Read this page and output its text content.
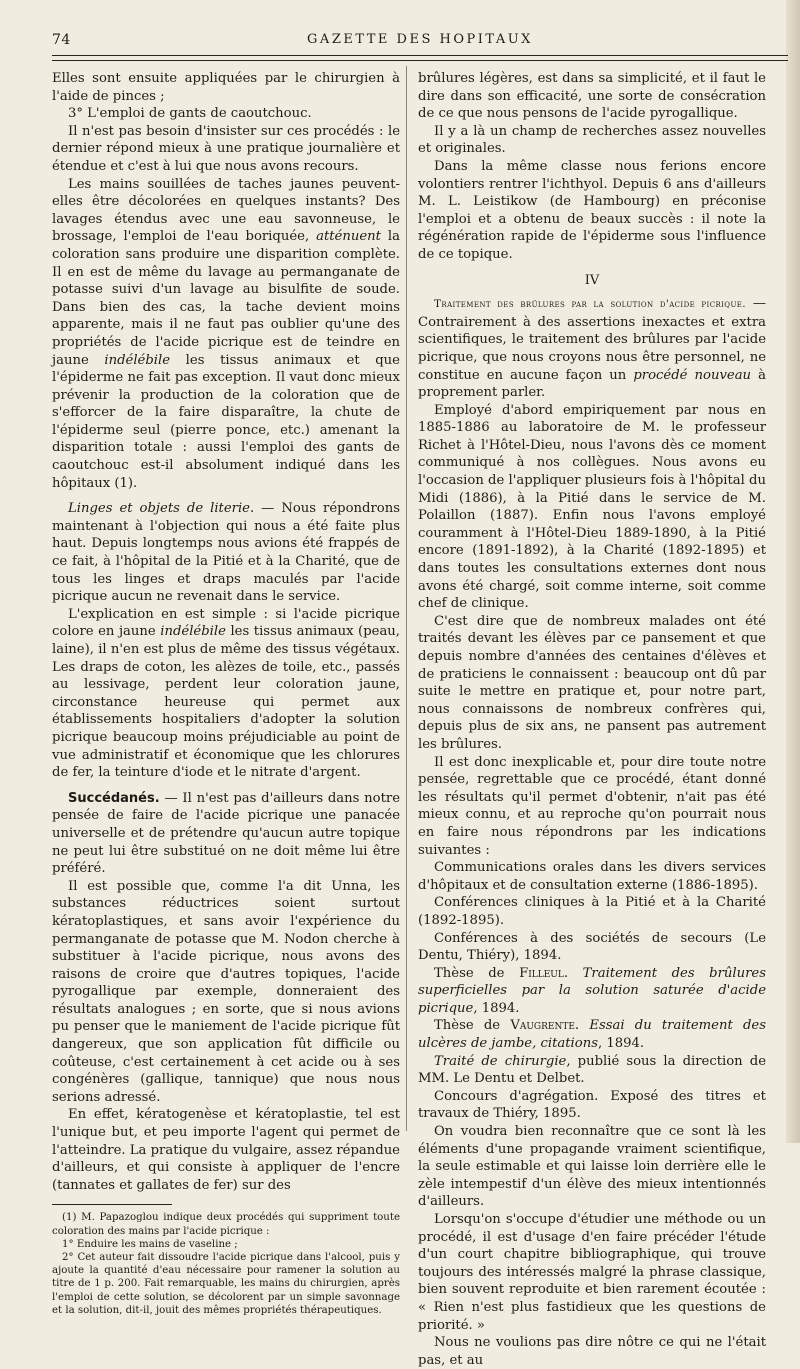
74	GAZETTE DES HOPITAUX

Elles sont ensuite appliquées par le chirurgien à l'aide de pinces ;

3° L'emploi de gants de caoutchouc.

Il n'est pas besoin d'insister sur ces procédés : le dernier répond mieux à une pratique journalière et étendue et c'est à lui que nous avons recours.

Les mains souillées de taches jaunes peuvent-elles être décolorées en quelques instants? Des lavages étendus avec une eau savonneuse, le brossage, l'emploi de l'eau boriquée, atténuent la coloration sans produire une disparition complète. Il en est de même du lavage au permanganate de potasse suivi d'un lavage au bisulfite de soude. Dans bien des cas, la tache devient moins apparente, mais il ne faut pas oublier qu'une des propriétés de l'acide picrique est de teindre en jaune indélébile les tissus animaux et que l'épiderme ne fait pas exception. Il vaut donc mieux prévenir la production de la coloration que de s'efforcer de la faire disparaître, la chute de l'épiderme seul (pierre ponce, etc.) amenant la disparition totale : aussi l'emploi des gants de caoutchouc est-il absolument indiqué dans les hôpitaux (1).

Linges et objets de literie. — Nous répondrons maintenant à l'objection qui nous a été faite plus haut. Depuis longtemps nous avions été frappés de ce fait, à l'hôpital de la Pitié et à la Charité, que de tous les linges et draps maculés par l'acide picrique aucun ne revenait dans le service.

L'explication en est simple : si l'acide picrique colore en jaune indélébile les tissus animaux (peau, laine), il n'en est plus de même des tissus végétaux. Les draps de coton, les alèzes de toile, etc., passés au lessivage, perdent leur coloration jaune, circonstance heureuse qui permet aux établissements hospitaliers d'adopter la solution picrique beaucoup moins préjudiciable au point de vue administratif et économique que les chlorures de fer, la teinture d'iode et le nitrate d'argent.

Succédanés. — Il n'est pas d'ailleurs dans notre pensée de faire de l'acide picrique une panacée universelle et de prétendre qu'aucun autre topique ne peut lui être substitué on ne doit même lui être préféré.

Il est possible que, comme l'a dit Unna, les substances réductrices soient surtout kératoplastiques, et sans avoir l'expérience du permanganate de potasse que M. Nodon cherche à substituer à l'acide picrique, nous avons des raisons de croire que d'autres topiques, l'acide pyrogallique par exemple, donneraient des résultats analogues ; en sorte, que si nous avions pu penser que le maniement de l'acide picrique fût dangereux, que son application fût difficile ou coûteuse, c'est certainement à cet acide ou à ses congénères (gallique, tannique) que nous nous serions adressé.

En effet, kératogenèse et kératoplastie, tel est l'unique but, et peu importe l'agent qui permet de l'atteindre. La pratique du vulgaire, assez répandue d'ailleurs, et qui consiste à appliquer de l'encre (tannates et gallates de fer) sur des

(1) M. Papazoglou indique deux procédés qui suppriment toute coloration des mains par l'acide picrique :

1° Enduire les mains de vaseline ;

2° Cet auteur fait dissoudre l'acide picrique dans l'alcool, puis y ajoute la quantité d'eau nécessaire pour ramener la solution au titre de 1 p. 200. Fait remarquable, les mains du chirurgien, après l'emploi de cette solution, se décolorent par un simple savonnage et la solution, dit-il, jouit des mêmes propriétés thérapeutiques.

brûlures légères, est dans sa simplicité, et il faut le dire dans son efficacité, une sorte de consécration de ce que nous pensons de l'acide pyrogallique.

Il y a là un champ de recherches assez nouvelles et originales.

Dans la même classe nous ferions encore volontiers rentrer l'ichthyol. Depuis 6 ans d'ailleurs M. L. Leistikow (de Hambourg) en préconise l'emploi et a obtenu de beaux succès : il note la régénération rapide de l'épiderme sous l'influence de ce topique.

IV

Traitement des brûlures par la solution d'acide picrique. — Contrairement à des assertions inexactes et extra scientifiques, le traitement des brûlures par l'acide picrique, que nous croyons nous être personnel, ne constitue en aucune façon un procédé nouveau à proprement parler.

Employé d'abord empiriquement par nous en 1885-1886 au laboratoire de M. le professeur Richet à l'Hôtel-Dieu, nous l'avons dès ce moment communiqué à nos collègues. Nous avons eu l'occasion de l'appliquer plusieurs fois à l'hôpital du Midi (1886), à la Pitié dans le service de M. Polaillon (1887). Enfin nous l'avons employé couramment à l'Hôtel-Dieu 1889-1890, à la Pitié encore (1891-1892), à la Charité (1892-1895) et dans toutes les consultations externes dont nous avons été chargé, soit comme interne, soit comme chef de clinique.

C'est dire que de nombreux malades ont été traités devant les élèves par ce pansement et que depuis nombre d'années des centaines d'élèves et de praticiens le connaissent : beaucoup ont dû par suite le mettre en pratique et, pour notre part, nous connaissons de nombreux confrères qui, depuis plus de six ans, ne pansent pas autrement les brûlures.

Il est donc inexplicable et, pour dire toute notre pensée, regrettable que ce procédé, étant donné les résultats qu'il permet d'obtenir, n'ait pas été mieux connu, et au reproche qu'on pourrait nous en faire nous répondrons par les indications suivantes :

Communications orales dans les divers services d'hôpitaux et de consultation externe (1886-1895).

Conférences cliniques à la Pitié et à la Charité (1892-1895).

Conférences à des sociétés de secours (Le Dentu, Thiéry), 1894.

Thèse de Filleul. Traitement des brûlures superficielles par la solution saturée d'acide picrique, 1894.

Thèse de Vaugrente. Essai du traitement des ulcères de jambe, citations, 1894.

Traité de chirurgie, publié sous la direction de MM. Le Dentu et Delbet.

Concours d'agrégation. Exposé des titres et travaux de Thiéry, 1895.

On voudra bien reconnaître que ce sont là les éléments d'une propagande vraiment scientifique, la seule estimable et qui laisse loin derrière elle le zèle intempestif d'un élève des mieux intentionnés d'ailleurs.

Lorsqu'on s'occupe d'étudier une méthode ou un procédé, il est d'usage d'en faire précéder l'étude d'un court chapitre bibliographique, qui trouve toujours des intéressés malgré la phrase classique, bien souvent reproduite et bien rarement écoutée : « Rien n'est plus fastidieux que les questions de priorité. »

Nous ne voulions pas dire nôtre ce qui ne l'était pas, et au
